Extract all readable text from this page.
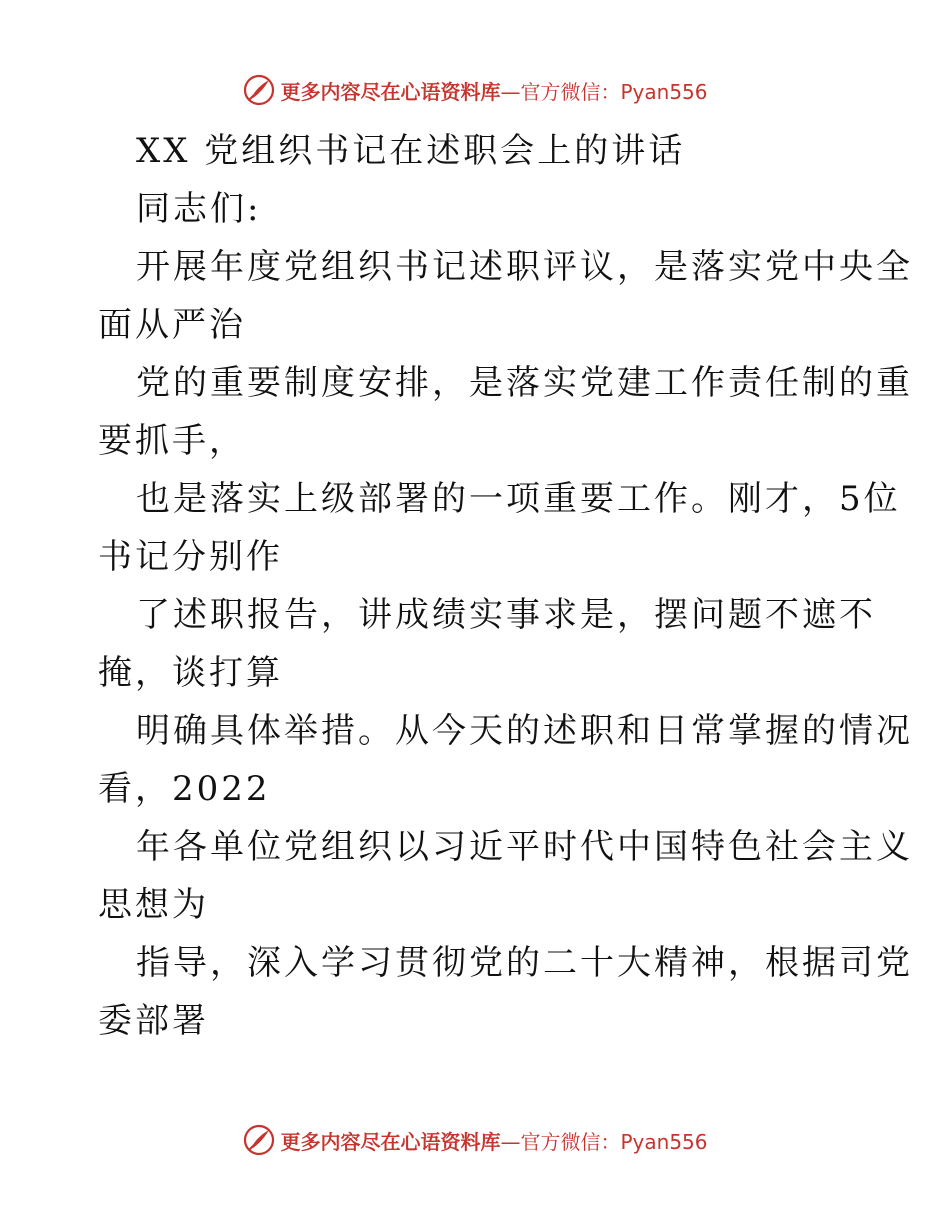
更多内容尽在心语资料库—官方微信：Pyan556
XX 党组织书记在述职会上的讲话
同志们:
开展年度党组织书记述职评议，是落实党中央全
面从严治
党的重要制度安排，是落实党建工作责任制的重
要抓手，
也是落实上级部署的一项重要工作。刚才，5位
书记分别作
了述职报告，讲成绩实事求是，摆问题不遮不
掩，谈打算
明确具体举措。从今天的述职和日常掌握的情况
看，2022
年各单位党组织以习近平时代中国特色社会主义
思想为
指导，深入学习贯彻党的二十大精神，根据司党
委部署
更多内容尽在心语资料库—官方微信：Pyan556
